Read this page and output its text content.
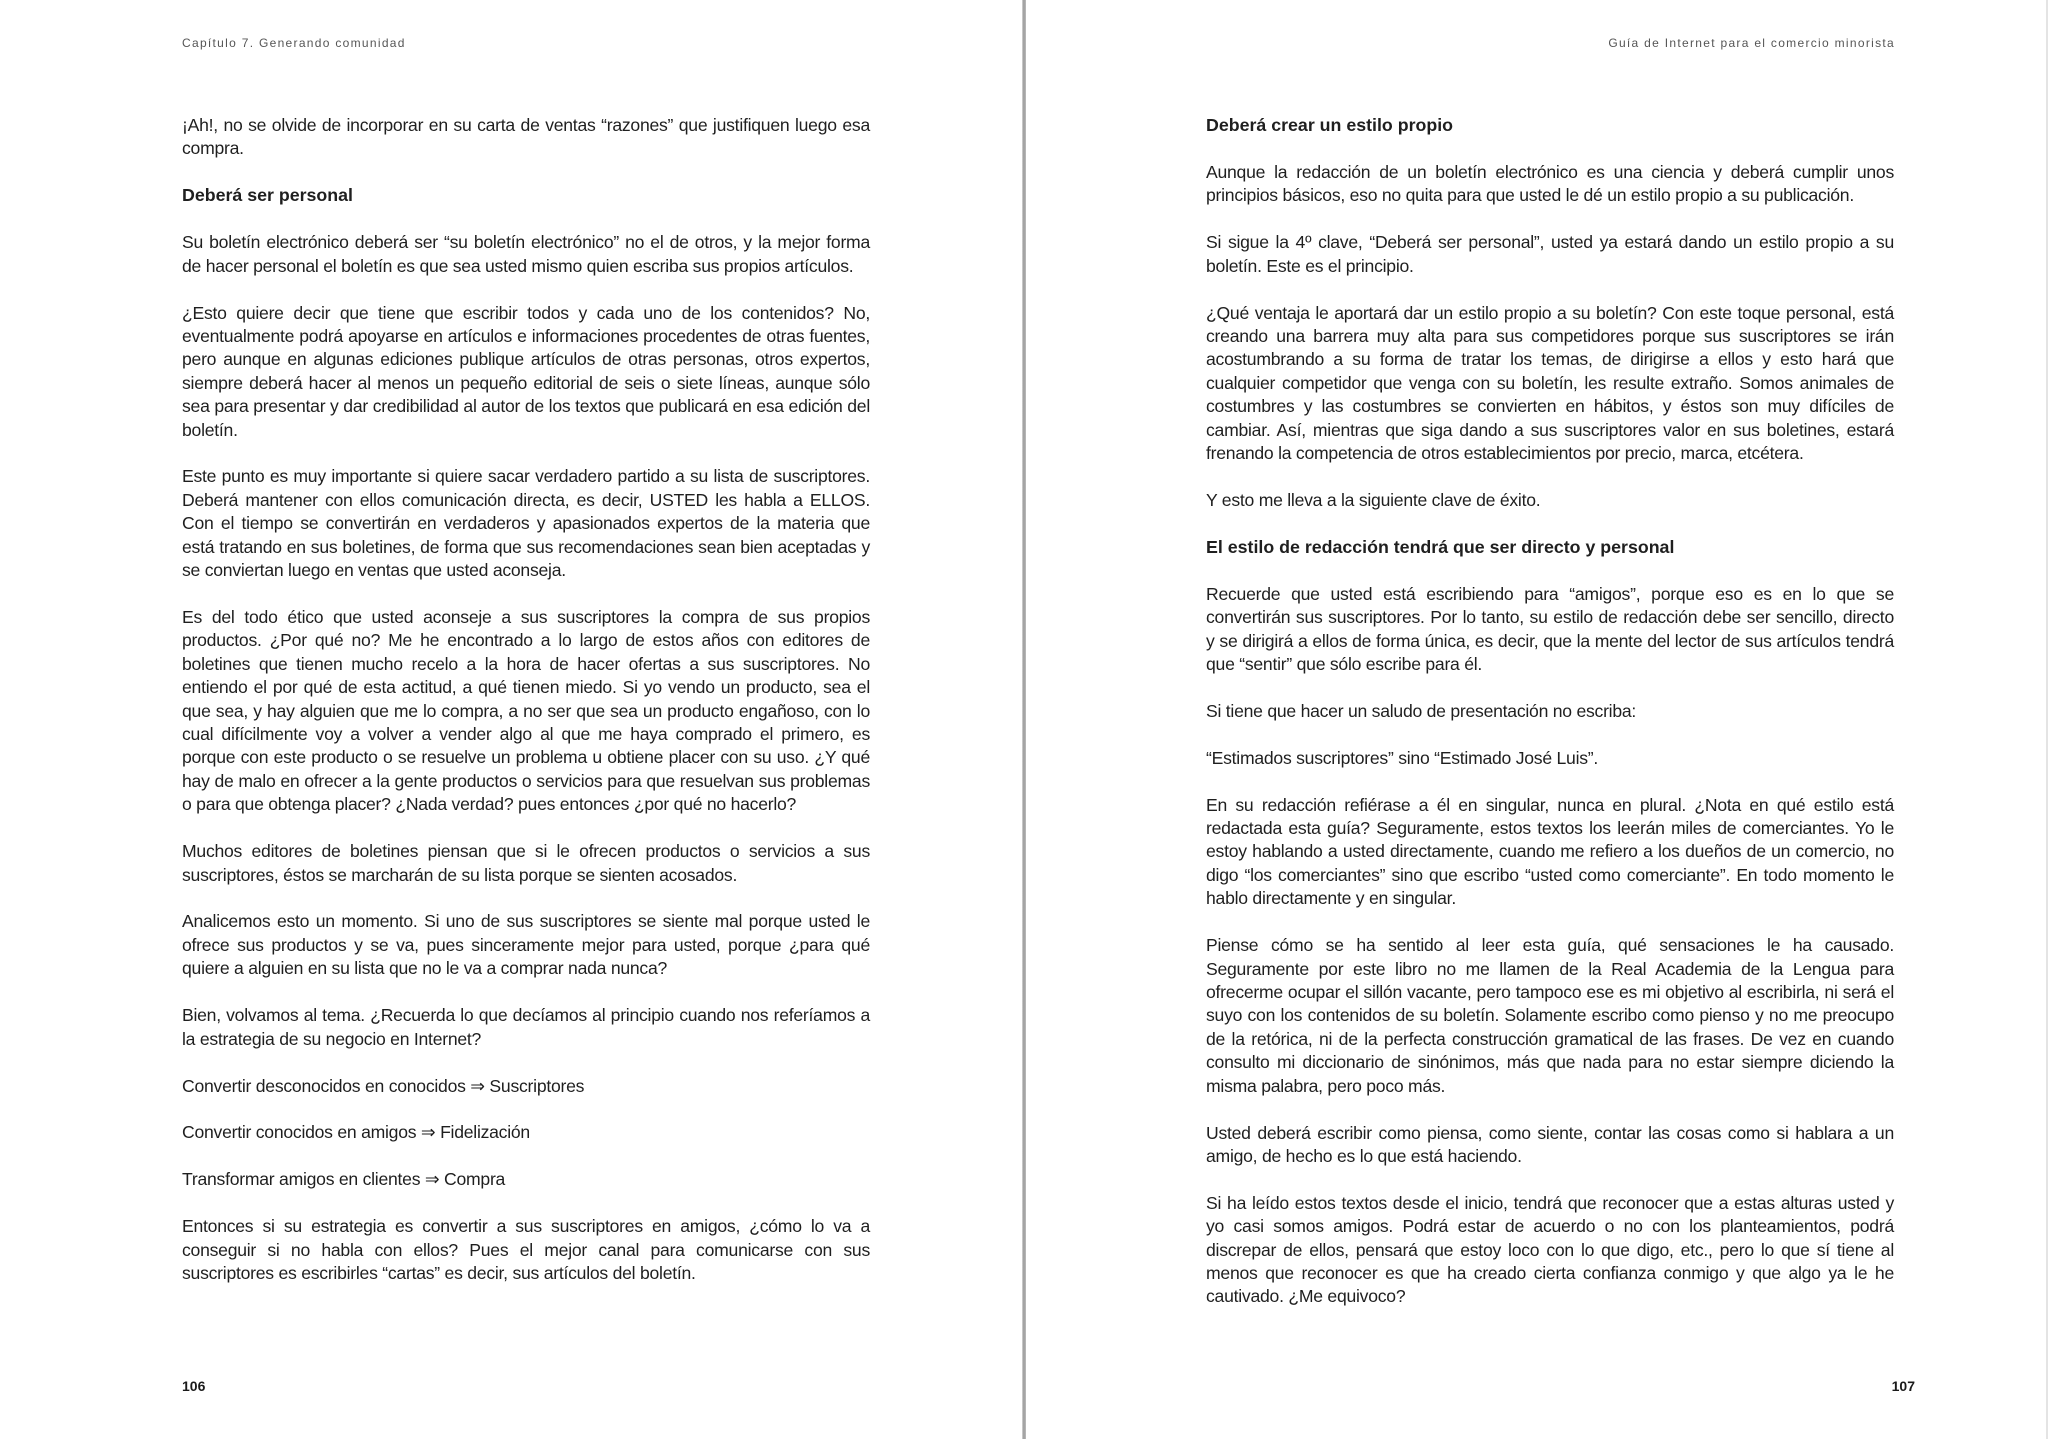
Capítulo 7. Generando comunidad

¡Ah!, no se olvide de incorporar en su carta de ventas “razones” que justifiquen luego esa compra.

Deberá ser personal

Su boletín electrónico deberá ser “su boletín electrónico” no el de otros, y la mejor forma de hacer personal el boletín es que sea usted mismo quien escriba sus propios artículos.

¿Esto quiere decir que tiene que escribir todos y cada uno de los contenidos? No, eventualmente podrá apoyarse en artículos e informaciones procedentes de otras fuentes, pero aunque en algunas ediciones publique artículos de otras personas, otros expertos, siempre deberá hacer al menos un pequeño editorial de seis o siete líneas, aunque sólo sea para presentar y dar credibilidad al autor de los textos que publicará en esa edición del boletín.

Este punto es muy importante si quiere sacar verdadero partido a su lista de suscriptores. Deberá mantener con ellos comunicación directa, es decir, USTED les habla a ELLOS. Con el tiempo se convertirán en verdaderos y apasionados expertos de la materia que está tratando en sus boletines, de forma que sus recomendaciones sean bien aceptadas y se conviertan luego en ventas que usted aconseja.

Es del todo ético que usted aconseje a sus suscriptores la compra de sus propios productos. ¿Por qué no? Me he encontrado a lo largo de estos años con editores de boletines que tienen mucho recelo a la hora de hacer ofertas a sus suscriptores. No entiendo el por qué de esta actitud, a qué tienen miedo. Si yo vendo un producto, sea el que sea, y hay alguien que me lo compra, a no ser que sea un producto engañoso, con lo cual difícilmente voy a volver a vender algo al que me haya comprado el primero, es porque con este producto o se resuelve un problema u obtiene placer con su uso. ¿Y qué hay de malo en ofrecer a la gente productos o servicios para que resuelvan sus problemas o para que obtenga placer? ¿Nada verdad? pues entonces ¿por qué no hacerlo?

Muchos editores de boletines piensan que si le ofrecen productos o servicios a sus suscriptores, éstos se marcharán de su lista porque se sienten acosados.

Analicemos esto un momento. Si uno de sus suscriptores se siente mal porque usted le ofrece sus productos y se va, pues sinceramente mejor para usted, porque ¿para qué quiere a alguien en su lista que no le va a comprar nada nunca?

Bien, volvamos al tema. ¿Recuerda lo que decíamos al principio cuando nos referíamos a la estrategia de su negocio en Internet?

Convertir desconocidos en conocidos ⇒ Suscriptores

Convertir conocidos en amigos ⇒ Fidelización

Transformar amigos en clientes ⇒ Compra

Entonces si su estrategia es convertir a sus suscriptores en amigos, ¿cómo lo va a conseguir si no habla con ellos? Pues el mejor canal para comunicarse con sus suscriptores es escribirles “cartas” es decir, sus artículos del boletín.

106
Guía de Internet para el comercio minorista
Deberá crear un estilo propio

Aunque la redacción de un boletín electrónico es una ciencia y deberá cumplir unos principios básicos, eso no quita para que usted le dé un estilo propio a su publicación.

Si sigue la 4º clave, “Deberá ser personal”, usted ya estará dando un estilo propio a su boletín. Este es el principio.

¿Qué ventaja le aportará dar un estilo propio a su boletín? Con este toque personal, está creando una barrera muy alta para sus competidores porque sus suscriptores se irán acostumbrando a su forma de tratar los temas, de dirigirse a ellos y esto hará que cualquier competidor que venga con su boletín, les resulte extraño. Somos animales de costumbres y las costumbres se convierten en hábitos, y éstos son muy difíciles de cambiar. Así, mientras que siga dando a sus suscriptores valor en sus boletines, estará frenando la competencia de otros establecimientos por precio, marca, etcétera.

Y esto me lleva a la siguiente clave de éxito.

El estilo de redacción tendrá que ser directo y personal

Recuerde que usted está escribiendo para “amigos”, porque eso es en lo que se convertirán sus suscriptores. Por lo tanto, su estilo de redacción debe ser sencillo, directo y se dirigirá a ellos de forma única, es decir, que la mente del lector de sus artículos tendrá que “sentir” que sólo escribe para él.

Si tiene que hacer un saludo de presentación no escriba:

“Estimados suscriptores” sino “Estimado José Luis”.

En su redacción refiérase a él en singular, nunca en plural. ¿Nota en qué estilo está redactada esta guía? Seguramente, estos textos los leerán miles de comerciantes. Yo le estoy hablando a usted directamente, cuando me refiero a los dueños de un comercio, no digo “los comerciantes” sino que escribo “usted como comerciante”. En todo momento le hablo directamente y en singular.

Piense cómo se ha sentido al leer esta guía, qué sensaciones le ha causado. Seguramente por este libro no me llamen de la Real Academia de la Lengua para ofrecerme ocupar el sillón vacante, pero tampoco ese es mi objetivo al escribirla, ni será el suyo con los contenidos de su boletín. Solamente escribo como pienso y no me preocupo de la retórica, ni de la perfecta construcción gramatical de las frases. De vez en cuando consulto mi diccionario de sinónimos, más que nada para no estar siempre diciendo la misma palabra, pero poco más.

Usted deberá escribir como piensa, como siente, contar las cosas como si hablara a un amigo, de hecho es lo que está haciendo.

Si ha leído estos textos desde el inicio, tendrá que reconocer que a estas alturas usted y yo casi somos amigos. Podrá estar de acuerdo o no con los planteamientos, podrá discrepar de ellos, pensará que estoy loco con lo que digo, etc., pero lo que sí tiene al menos que reconocer es que ha creado cierta confianza conmigo y que algo ya le he cautivado. ¿Me equivoco?

107
